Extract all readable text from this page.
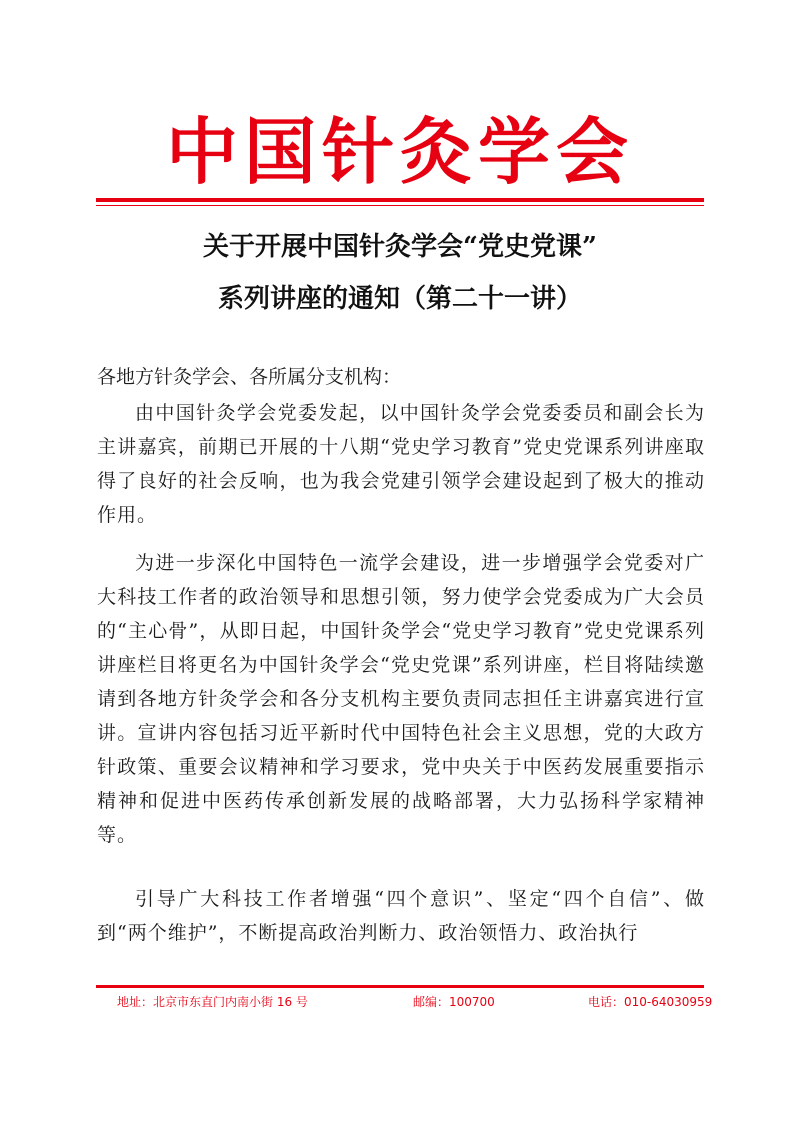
中国针灸学会
关于开展中国针灸学会“党史党课”
系列讲座的通知（第二十一讲）
各地方针灸学会、各所属分支机构：
由中国针灸学会党委发起，以中国针灸学会党委委员和副会长为主讲嘉宾，前期已开展的十八期“党史学习教育”党史党课系列讲座取得了良好的社会反响，也为我会党建引领学会建设起到了极大的推动作用。
为进一步深化中国特色一流学会建设，进一步增强学会党委对广大科技工作者的政治领导和思想引领，努力使学会党委成为广大会员的“主心骨”，从即日起，中国针灸学会“党史学习教育”党史党课系列讲座栏目将更名为中国针灸学会“党史党课”系列讲座，栏目将陆续邀请到各地方针灸学会和各分支机构主要负责同志担任主讲嘉宾进行宣讲。宣讲内容包括习近平新时代中国特色社会主义思想，党的大政方针政策、重要会议精神和学习要求，党中央关于中医药发展重要指示精神和促进中医药传承创新发展的战略部署，大力弘扬科学家精神等。
引导广大科技工作者增强“四个意识”、坚定“四个自信”、做到“两个维护”，不断提高政治判断力、政治领悟力、政治执行
地址：北京市东直门内南小街 16 号	邮编：100700	电话：010-64030959
